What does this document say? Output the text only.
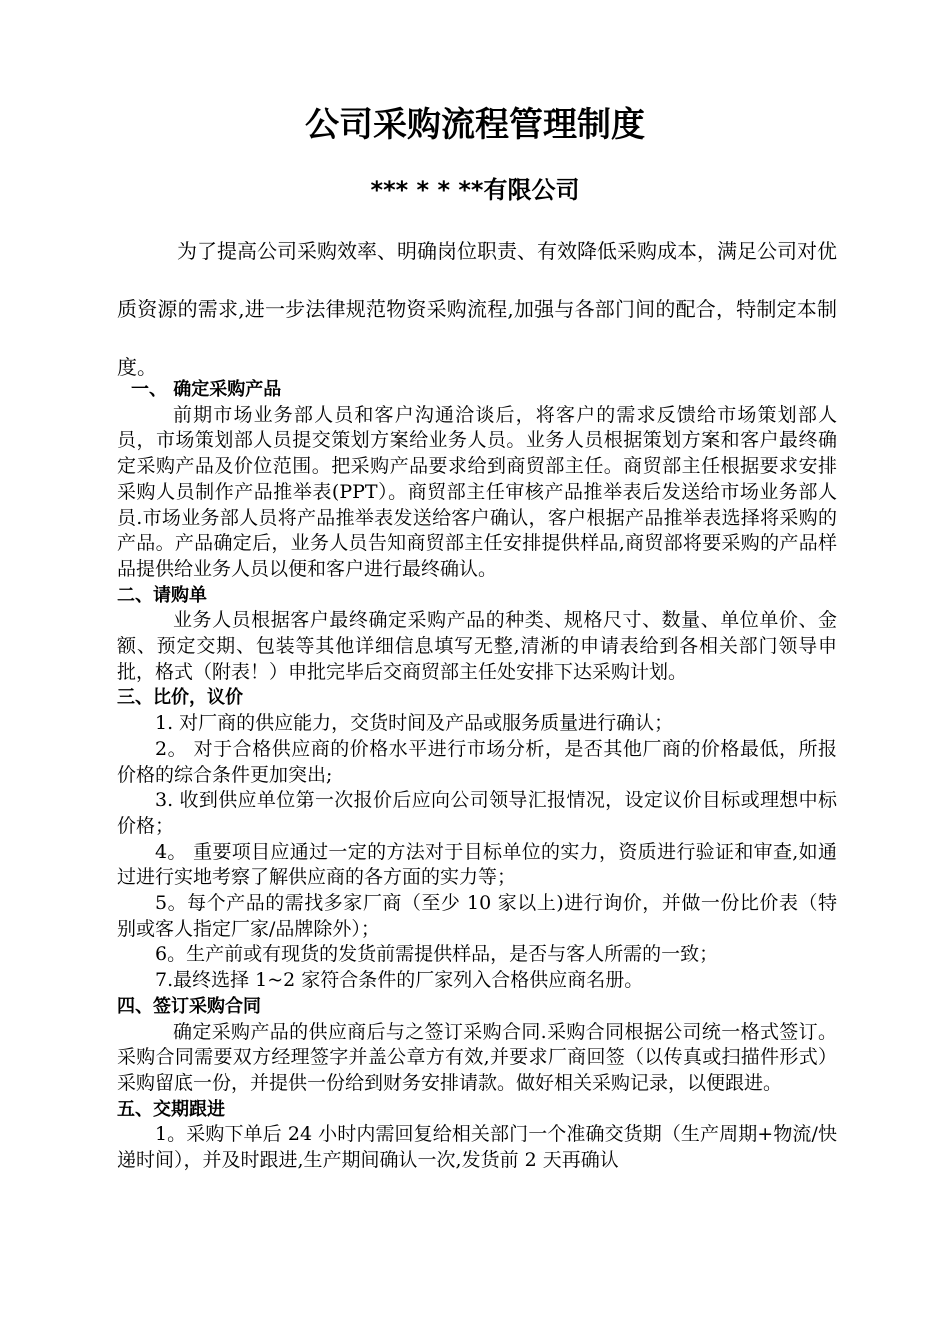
公司采购流程管理制度
*** * * **有限公司
为了提高公司采购效率、明确岗位职责、有效降低采购成本，满足公司对优质资源的需求,进一步法律规范物资采购流程,加强与各部门间的配合，特制定本制度。

一、 确定采购产品

前期市场业务部人员和客户沟通洽谈后，将客户的需求反馈给市场策划部人员，市场策划部人员提交策划方案给业务人员。业务人员根据策划方案和客户最终确定采购产品及价位范围。把采购产品要求给到商贸部主任。商贸部主任根据要求安排采购人员制作产品推举表(PPT）。商贸部主任审核产品推举表后发送给市场业务部人员.市场业务部人员将产品推举表发送给客户确认，客户根据产品推举表选择将采购的产品。产品确定后，业务人员告知商贸部主任安排提供样品,商贸部将要采购的产品样品提供给业务人员以便和客户进行最终确认。

二、请购单

业务人员根据客户最终确定采购产品的种类、规格尺寸、数量、单位单价、金额、预定交期、包装等其他详细信息填写无整,清淅的申请表给到各相关部门领导申批，格式（附表！）申批完毕后交商贸部主任处安排下达采购计划。

三、比价，议价

1. 对厂商的供应能力，交货时间及产品或服务质量进行确认；

2。 对于合格供应商的价格水平进行市场分析，是否其他厂商的价格最低，所报价格的综合条件更加突出;

3. 收到供应单位第一次报价后应向公司领导汇报情况，设定议价目标或理想中标价格；

4。 重要项目应通过一定的方法对于目标单位的实力，资质进行验证和审查,如通过进行实地考察了解供应商的各方面的实力等；

5。每个产品的需找多家厂商（至少 10 家以上)进行询价，并做一份比价表（特别或客人指定厂家/品牌除外）；

6。生产前或有现货的发货前需提供样品，是否与客人所需的一致；

7.最终选择 1~2 家符合条件的厂家列入合格供应商名册。

四、签订采购合同

确定采购产品的供应商后与之签订采购合同.采购合同根据公司统一格式签订。采购合同需要双方经理签字并盖公章方有效,并要求厂商回签（以传真或扫描件形式）采购留底一份，并提供一份给到财务安排请款。做好相关采购记录，以便跟进。

五、交期跟进

1。采购下单后 24 小时内需回复给相关部门一个准确交货期（生产周期+物流/快递时间），并及时跟进,生产期间确认一次,发货前 2 天再确认
